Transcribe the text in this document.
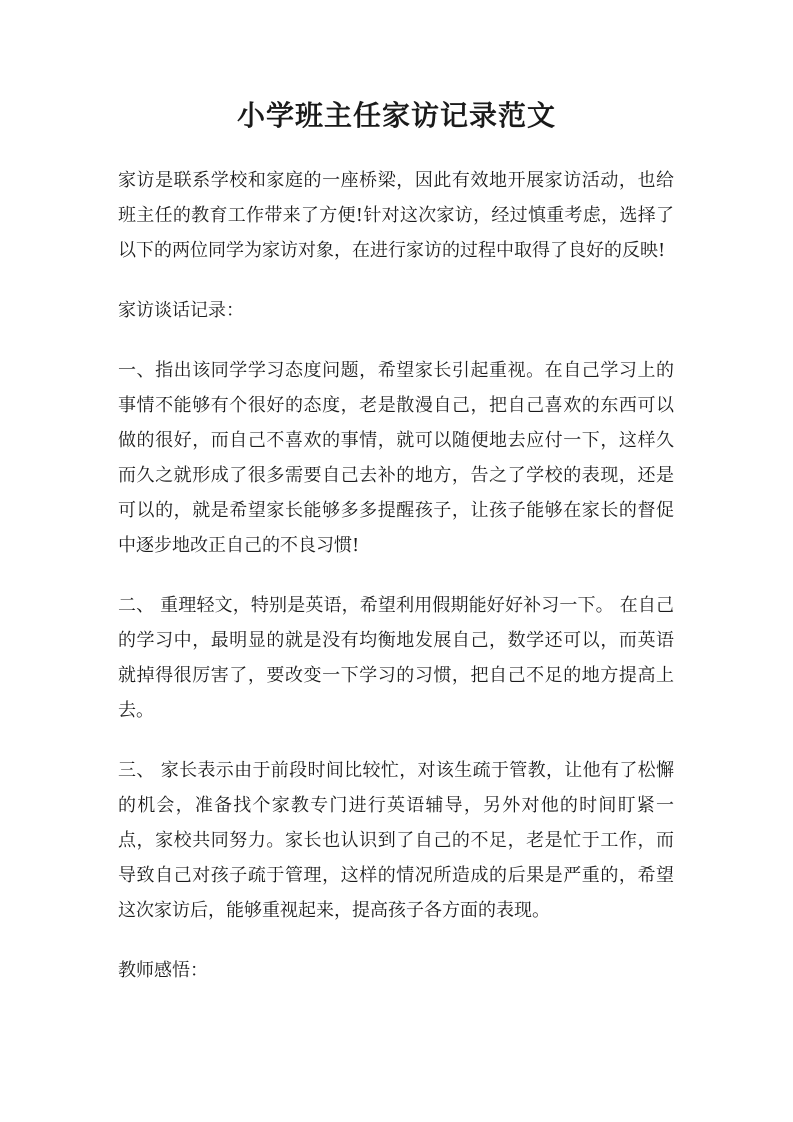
小学班主任家访记录范文

家访是联系学校和家庭的一座桥梁，因此有效地开展家访活动，也给班主任的教育工作带来了方便!针对这次家访，经过慎重考虑，选择了以下的两位同学为家访对象，在进行家访的过程中取得了良好的反映!

家访谈话记录：

一、指出该同学学习态度问题，希望家长引起重视。在自己学习上的事情不能够有个很好的态度，老是散漫自己，把自己喜欢的东西可以做的很好，而自己不喜欢的事情，就可以随便地去应付一下，这样久而久之就形成了很多需要自己去补的地方，告之了学校的表现，还是可以的，就是希望家长能够多多提醒孩子，让孩子能够在家长的督促中逐步地改正自己的不良习惯!

二、 重理轻文，特别是英语，希望利用假期能好好补习一下。 在自己的学习中，最明显的就是没有均衡地发展自己，数学还可以，而英语就掉得很厉害了，要改变一下学习的习惯，把自己不足的地方提高上去。

三、 家长表示由于前段时间比较忙，对该生疏于管教，让他有了松懈的机会，准备找个家教专门进行英语辅导，另外对他的时间盯紧一点，家校共同努力。家长也认识到了自己的不足，老是忙于工作，而导致自己对孩子疏于管理，这样的情况所造成的后果是严重的，希望这次家访后，能够重视起来，提高孩子各方面的表现。

教师感悟：
